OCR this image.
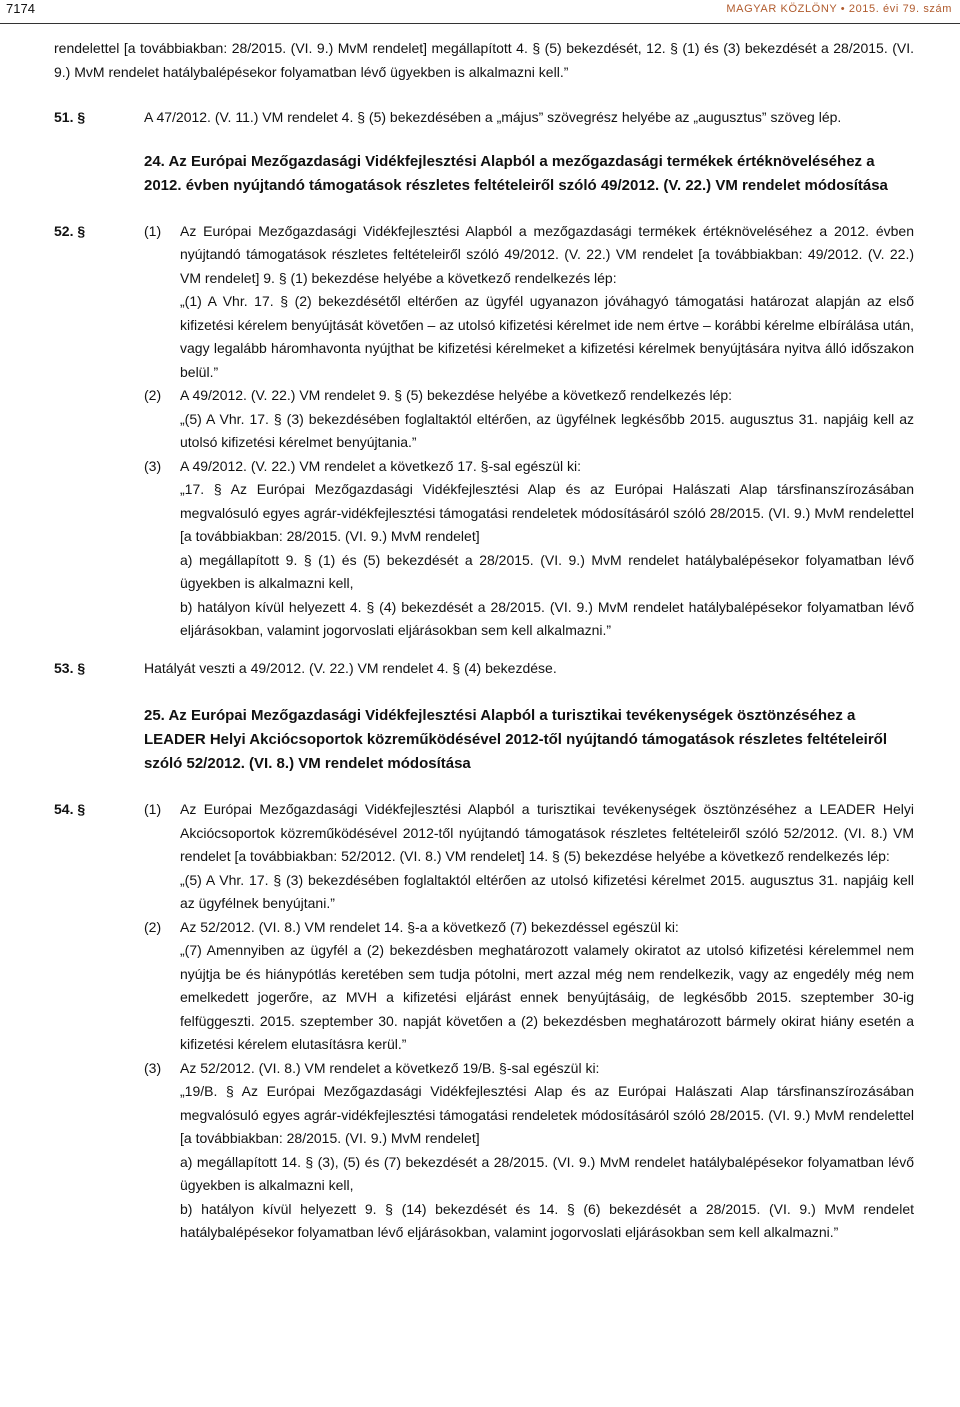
7174	MAGYAR KÖZLÖNY • 2015. évi 79. szám
rendelettel [a továbbiakban: 28/2015. (VI. 9.) MvM rendelet] megállapított 4. § (5) bekezdését, 12. § (1) és (3) bekezdését a 28/2015. (VI. 9.) MvM rendelet hatálybalépésekor folyamatban lévő ügyekben is alkalmazni kell.”
51. §	A 47/2012. (V. 11.) VM rendelet 4. § (5) bekezdésében a „május” szövegrész helyébe az „augusztus” szöveg lép.
24. Az Európai Mezőgazdasági Vidékfejlesztési Alapból a mezőgazdasági termékek értéknöveléséhez a 2012. évben nyújtandó támogatások részletes feltételeiről szóló 49/2012. (V. 22.) VM rendelet módosítása
52. §	(1)	Az Európai Mezőgazdasági Vidékfejlesztési Alapból a mezőgazdasági termékek értéknöveléséhez a 2012. évben nyújtandó támogatások részletes feltételeiről szóló 49/2012. (V. 22.) VM rendelet [a továbbiakban: 49/2012. (V. 22.) VM rendelet] 9. § (1) bekezdése helyébe a következő rendelkezés lép:
„(1) A Vhr. 17. § (2) bekezdésétől eltérően az ügyfél ugyanazon jóváhagyó támogatási határozat alapján az első kifizetési kérelem benyújtását követően – az utolsó kifizetési kérelmet ide nem értve – korábbi kérelme elbírálása után, vagy legalább háromhavonta nyújthat be kifizetési kérelmeket a kifizetési kérelmek benyújtására nyitva álló időszakon belül.”
(2)	A 49/2012. (V. 22.) VM rendelet 9. § (5) bekezdése helyébe a következő rendelkezés lép:
„(5) A Vhr. 17. § (3) bekezdésében foglaltaktól eltérően, az ügyfélnek legkésőbb 2015. augusztus 31. napjáig kell az utolsó kifizetési kérelmet benyújtania.”
(3)	A 49/2012. (V. 22.) VM rendelet a következő 17. §-sal egészül ki:
„17. § Az Európai Mezőgazdasági Vidékfejlesztési Alap és az Európai Halászati Alap társfinanszírozásában megvalósuló egyes agrár-vidékfejlesztési támogatási rendeletek módosításáról szóló 28/2015. (VI. 9.) MvM rendelettel [a továbbiakban: 28/2015. (VI. 9.) MvM rendelet]
a) megállapított 9. § (1) és (5) bekezdését a 28/2015. (VI. 9.) MvM rendelet hatálybalépésekor folyamatban lévő ügyekben is alkalmazni kell,
b) hatályon kívül helyezett 4. § (4) bekezdését a 28/2015. (VI. 9.) MvM rendelet hatálybalépésekor folyamatban lévő eljárásokban, valamint jogorvoslati eljárásokban sem kell alkalmazni.”
53. §	Hatályát veszti a 49/2012. (V. 22.) VM rendelet 4. § (4) bekezdése.
25. Az Európai Mezőgazdasági Vidékfejlesztési Alapból a turisztikai tevékenységek ösztönzéséhez a LEADER Helyi Akciócsoportok közreműködésével 2012-től nyújtandó támogatások részletes feltételeiről szóló 52/2012. (VI. 8.) VM rendelet módosítása
54. §	(1)	Az Európai Mezőgazdasági Vidékfejlesztési Alapból a turisztikai tevékenységek ösztönzéséhez a LEADER Helyi Akciócsoportok közreműködésével 2012-től nyújtandó támogatások részletes feltételeiről szóló 52/2012. (VI. 8.) VM rendelet [a továbbiakban: 52/2012. (VI. 8.) VM rendelet] 14. § (5) bekezdése helyébe a következő rendelkezés lép:
„(5) A Vhr. 17. § (3) bekezdésében foglaltaktól eltérően az utolsó kifizetési kérelmet 2015. augusztus 31. napjáig kell az ügyfélnek benyújtani.”
(2)	Az 52/2012. (VI. 8.) VM rendelet 14. §-a a következő (7) bekezdéssel egészül ki:
„(7) Amennyiben az ügyfél a (2) bekezdésben meghatározott valamely okiratot az utolsó kifizetési kérelemmel nem nyújtja be és hiánypótlás keretében sem tudja pótolni, mert azzal még nem rendelkezik, vagy az engedély még nem emelkedett jogerőre, az MVH a kifizetési eljárást ennek benyújtásáig, de legkésőbb 2015. szeptember 30-ig felfüggeszti. 2015. szeptember 30. napját követően a (2) bekezdésben meghatározott bármely okirat hiány esetén a kifizetési kérelem elutasításra kerül.”
(3)	Az 52/2012. (VI. 8.) VM rendelet a következő 19/B. §-sal egészül ki:
„19/B. § Az Európai Mezőgazdasági Vidékfejlesztési Alap és az Európai Halászati Alap társfinanszírozásában megvalósuló egyes agrár-vidékfejlesztési támogatási rendeletek módosításáról szóló 28/2015. (VI. 9.) MvM rendelettel [a továbbiakban: 28/2015. (VI. 9.) MvM rendelet]
a) megállapított 14. § (3), (5) és (7) bekezdését a 28/2015. (VI. 9.) MvM rendelet hatálybalépésekor folyamatban lévő ügyekben is alkalmazni kell,
b) hatályon kívül helyezett 9. § (14) bekezdését és 14. § (6) bekezdését a 28/2015. (VI. 9.) MvM rendelet hatálybalépésekor folyamatban lévő eljárásokban, valamint jogorvoslati eljárásokban sem kell alkalmazni.”
